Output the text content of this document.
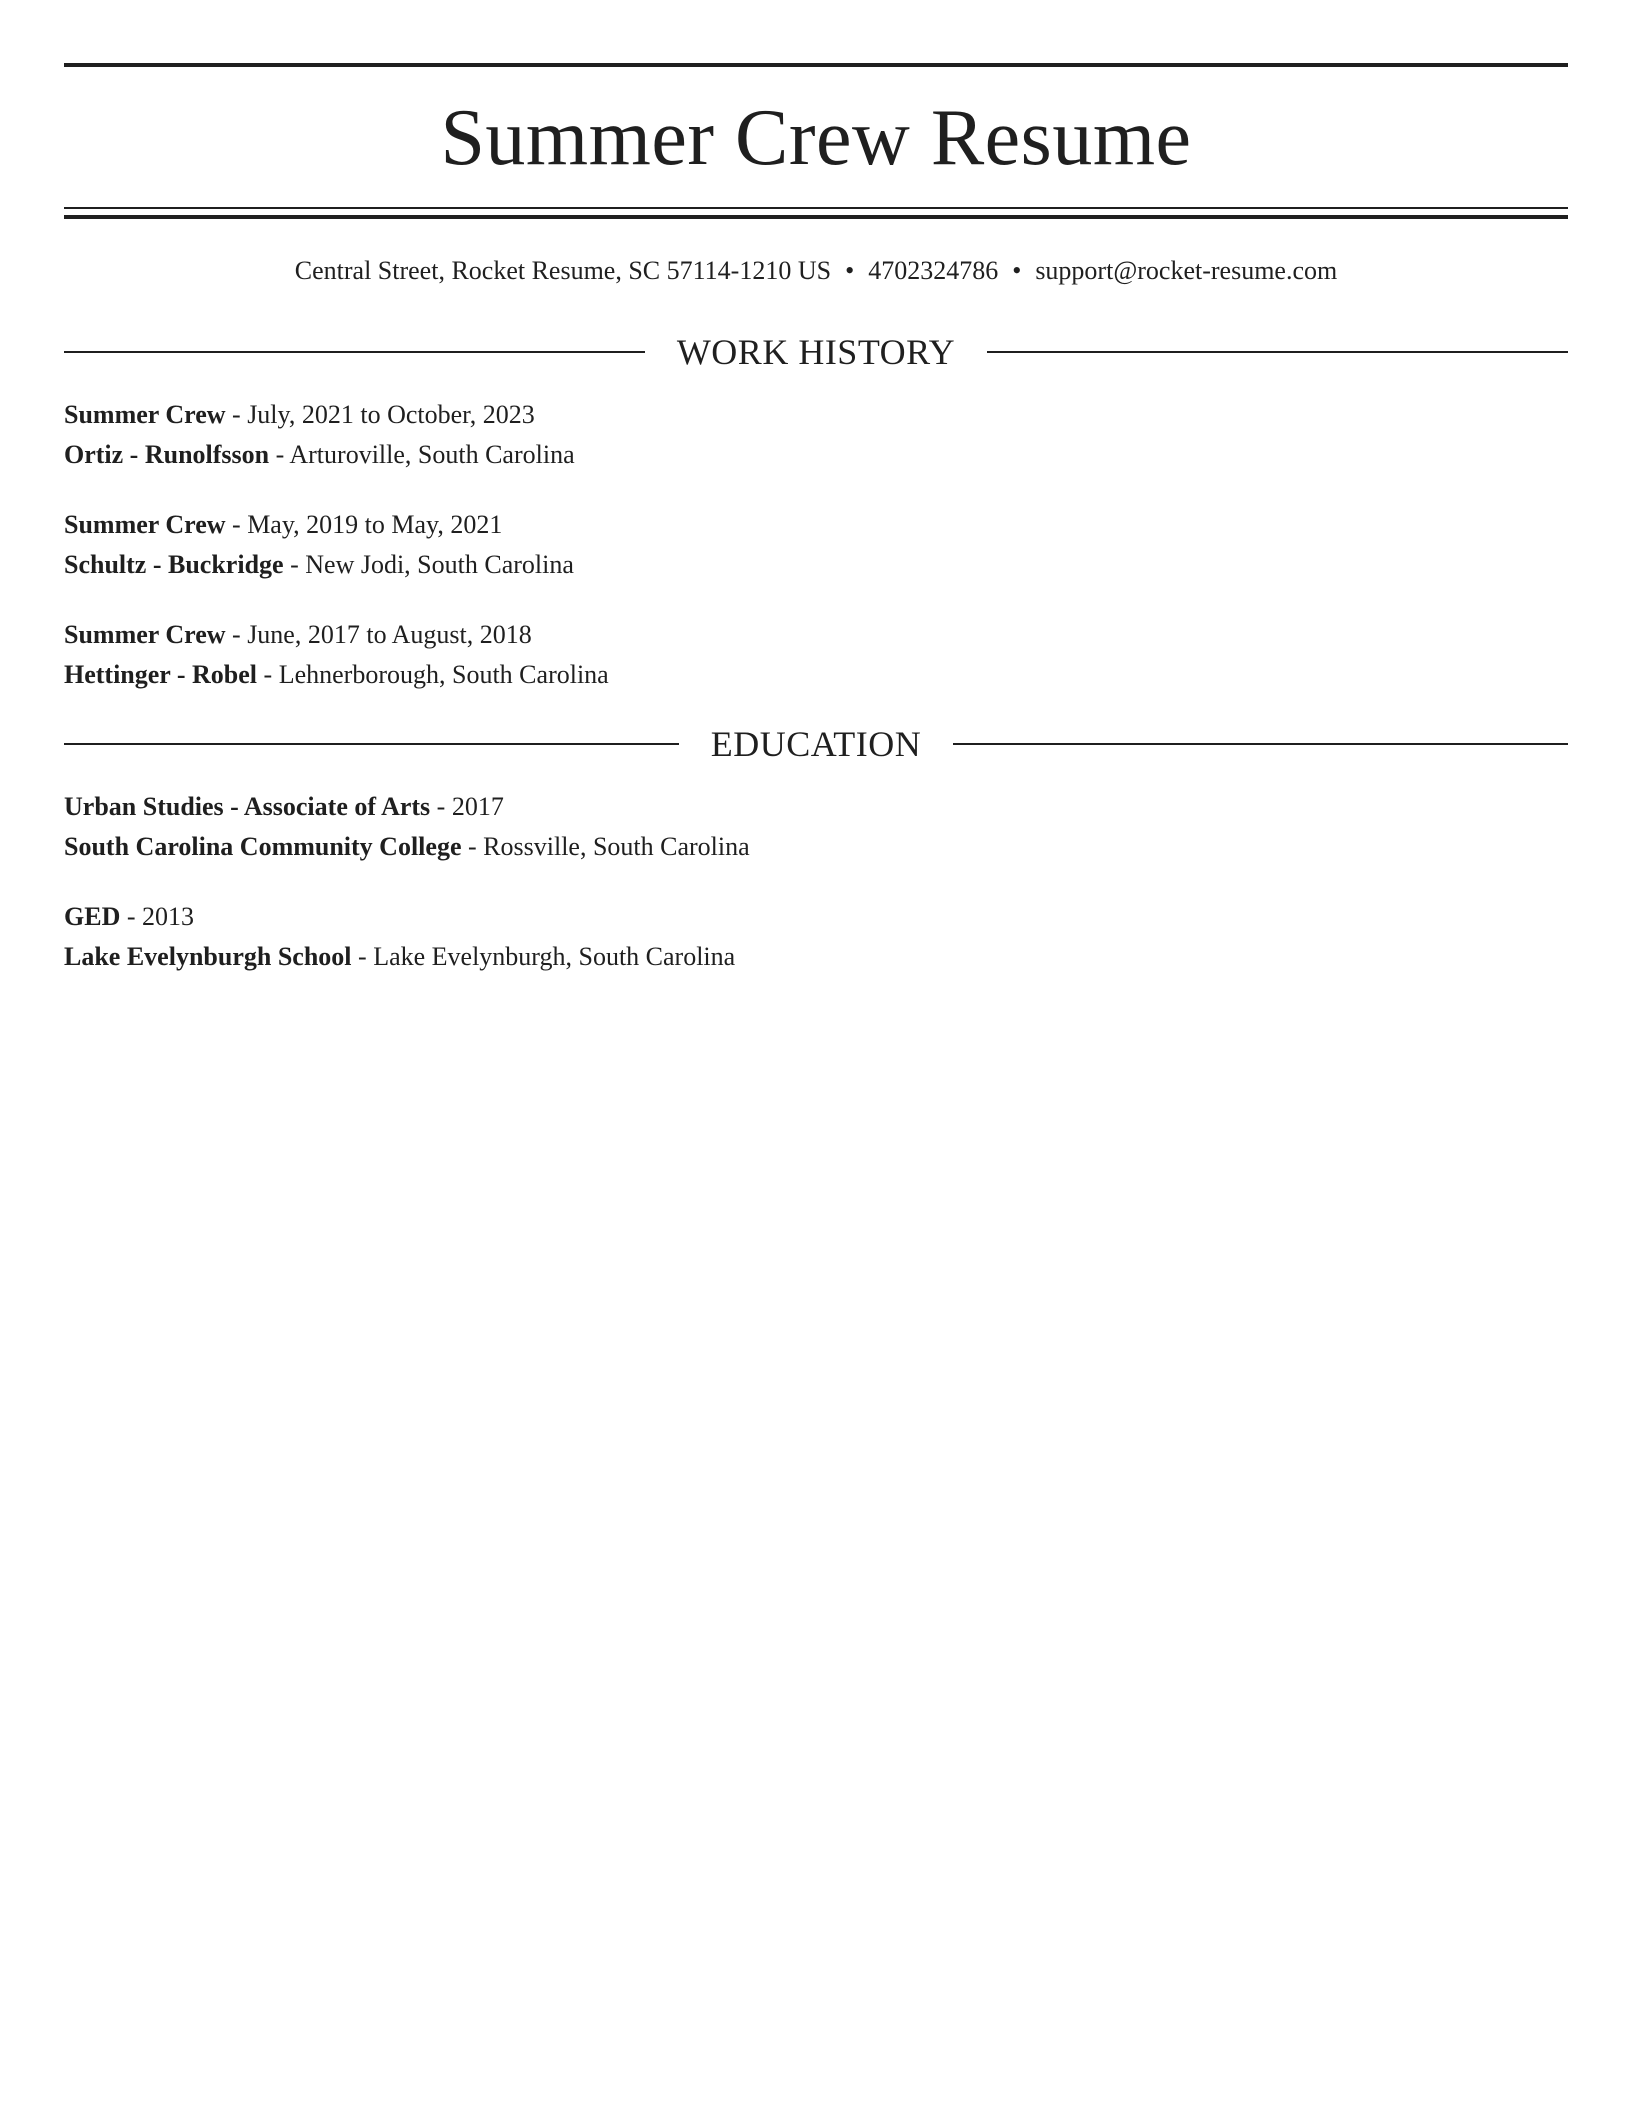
Summer Crew Resume
Central Street, Rocket Resume, SC 57114-1210 US • 4702324786 • support@rocket-resume.com
WORK HISTORY
Summer Crew - July, 2021 to October, 2023
Ortiz - Runolfsson - Arturoville, South Carolina
Summer Crew - May, 2019 to May, 2021
Schultz - Buckridge - New Jodi, South Carolina
Summer Crew - June, 2017 to August, 2018
Hettinger - Robel - Lehnerborough, South Carolina
EDUCATION
Urban Studies - Associate of Arts - 2017
South Carolina Community College - Rossville, South Carolina
GED - 2013
Lake Evelynburgh School - Lake Evelynburgh, South Carolina
